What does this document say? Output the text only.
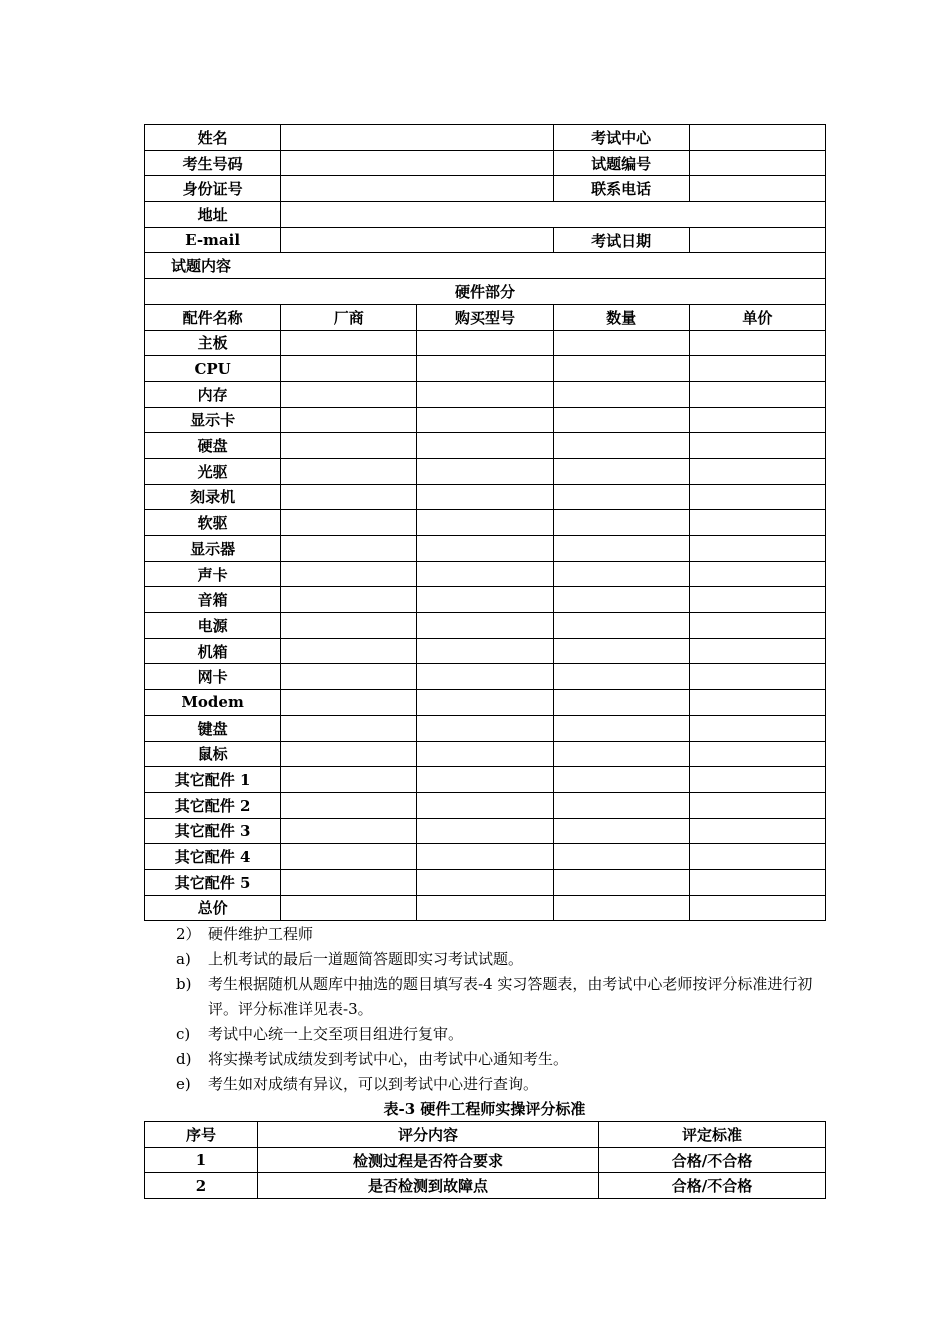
姓名			考试中心	
考生号码			试题编号	
身份证号			联系电话	
地址				
E-mail			考试日期	
试题内容				
硬件部分				
配件名称	厂商	购买型号	数量	单价
主板				
CPU				
内存				
显示卡				
硬盘				
光驱				
刻录机				
软驱				
显示器				
声卡				
音箱				
电源				
机箱				
网卡				
Modem				
键盘				
鼠标				
其它配件 1				
其它配件 2				
其它配件 3				
其它配件 4				
其它配件 5				
总价				
2） 硬件维护工程师
a)	上机考试的最后一道题简答题即实习考试试题。
b)	考生根据随机从题库中抽选的题目填写表-4 实习答题表，由考试中心老师按评分标准进行初评。评分标准详见表-3。
c)	考试中心统一上交至项目组进行复审。
d)	将实操考试成绩发到考试中心，由考试中心通知考生。
e)	考生如对成绩有异议，可以到考试中心进行查询。
表-3 硬件工程师实操评分标准
序号	评分内容	评定标准
1	检测过程是否符合要求	合格/不合格
2	是否检测到故障点	合格/不合格
